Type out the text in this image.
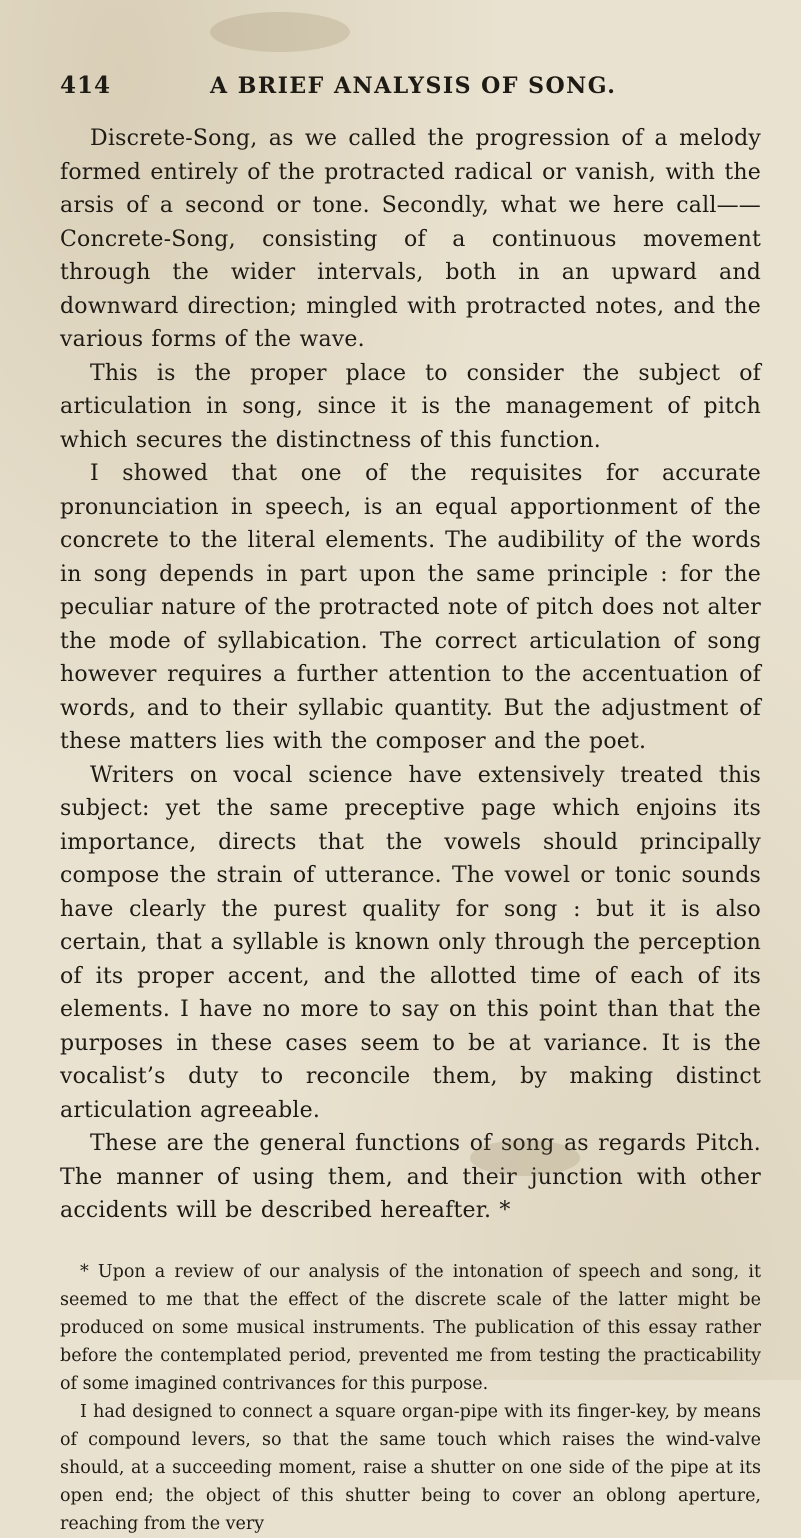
414	A BRIEF ANALYSIS OF SONG.

Discrete-Song, as we called the progression of a melody formed entirely of the protracted radical or vanish, with the arsis of a second or tone. Secondly, what we here call—— Concrete-Song, consisting of a continuous movement through the wider intervals, both in an upward and downward direction; mingled with protracted notes, and the various forms of the wave.

This is the proper place to consider the subject of articulation in song, since it is the management of pitch which secures the distinctness of this function.

I showed that one of the requisites for accurate pronunciation in speech, is an equal apportionment of the concrete to the literal elements. The audibility of the words in song depends in part upon the same principle : for the peculiar nature of the protracted note of pitch does not alter the mode of syllabication. The correct articulation of song however requires a further attention to the accentuation of words, and to their syllabic quantity. But the adjustment of these matters lies with the composer and the poet.

Writers on vocal science have extensively treated this subject: yet the same preceptive page which enjoins its importance, directs that the vowels should principally compose the strain of utterance. The vowel or tonic sounds have clearly the purest quality for song : but it is also certain, that a syllable is known only through the perception of its proper accent, and the allotted time of each of its elements. I have no more to say on this point than that the purposes in these cases seem to be at variance. It is the vocalist’s duty to reconcile them, by making distinct articulation agreeable.

These are the general functions of song as regards Pitch. The manner of using them, and their junction with other accidents will be described hereafter. *

* Upon a review of our analysis of the intonation of speech and song, it seemed to me that the effect of the discrete scale of the latter might be produced on some musical instruments. The publication of this essay rather before the contemplated period, prevented me from testing the practicability of some imagined contrivances for this purpose.

I had designed to connect a square organ-pipe with its finger-key, by means of compound levers, so that the same touch which raises the wind-valve should, at a succeeding moment, raise a shutter on one side of the pipe at its open end; the object of this shutter being to cover an oblong aperture, reaching from the very
